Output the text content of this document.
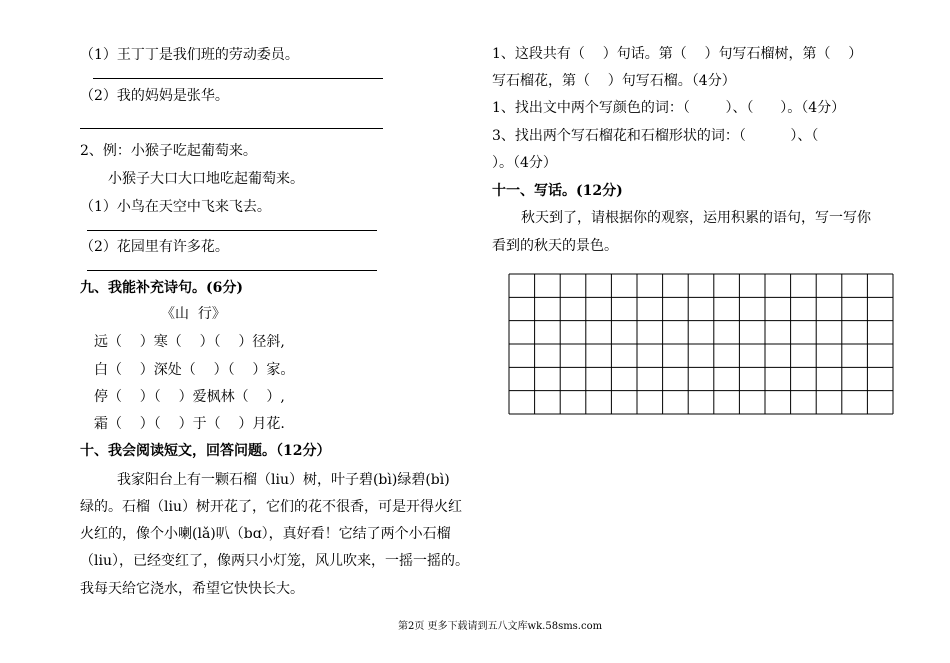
（1）王丁丁是我们班的劳动委员。
（2）我的妈妈是张华。
2、例：小猴子吃起葡萄来。
小猴子大口大口地吃起葡萄来。
（1）小鸟在天空中飞来飞去。
（2）花园里有许多花。
九、我能补充诗句。(6分)
《山  行》
远（    ）寒（    ）（    ）径斜,
白（    ）深处（    ）（    ）家。
停（    ）（    ）爱枫林（    ）,
霜（    ）（    ）于（    ）月花.
十、我会阅读短文，回答问题。（12分）
我家阳台上有一颗石榴（liu）树，叶子碧(bì)绿碧(bì)
绿的。石榴（liu）树开花了，它们的花不很香，可是开得火红
火红的，像个小喇(lǎ)叭（bɑ），真好看！它结了两个小石榴
（liu），已经变红了，像两只小灯笼，风儿吹来，一摇一摇的。
我每天给它浇水，希望它快快长大。
1、这段共有（    ）句话。第（    ）句写石榴树，第（    ）
写石榴花，第（    ）句写石榴。（4分）
1、找出文中两个写颜色的词：（        ）、（      ）。（4分）
3、找出两个写石榴花和石榴形状的词：（          ）、（
）。（4分）
十一、写话。(12分)
秋天到了，请根据你的观察，运用积累的语句，写一写你
看到的秋天的景色。
第2页 更多下载请到五八文库wk.58sms.com
